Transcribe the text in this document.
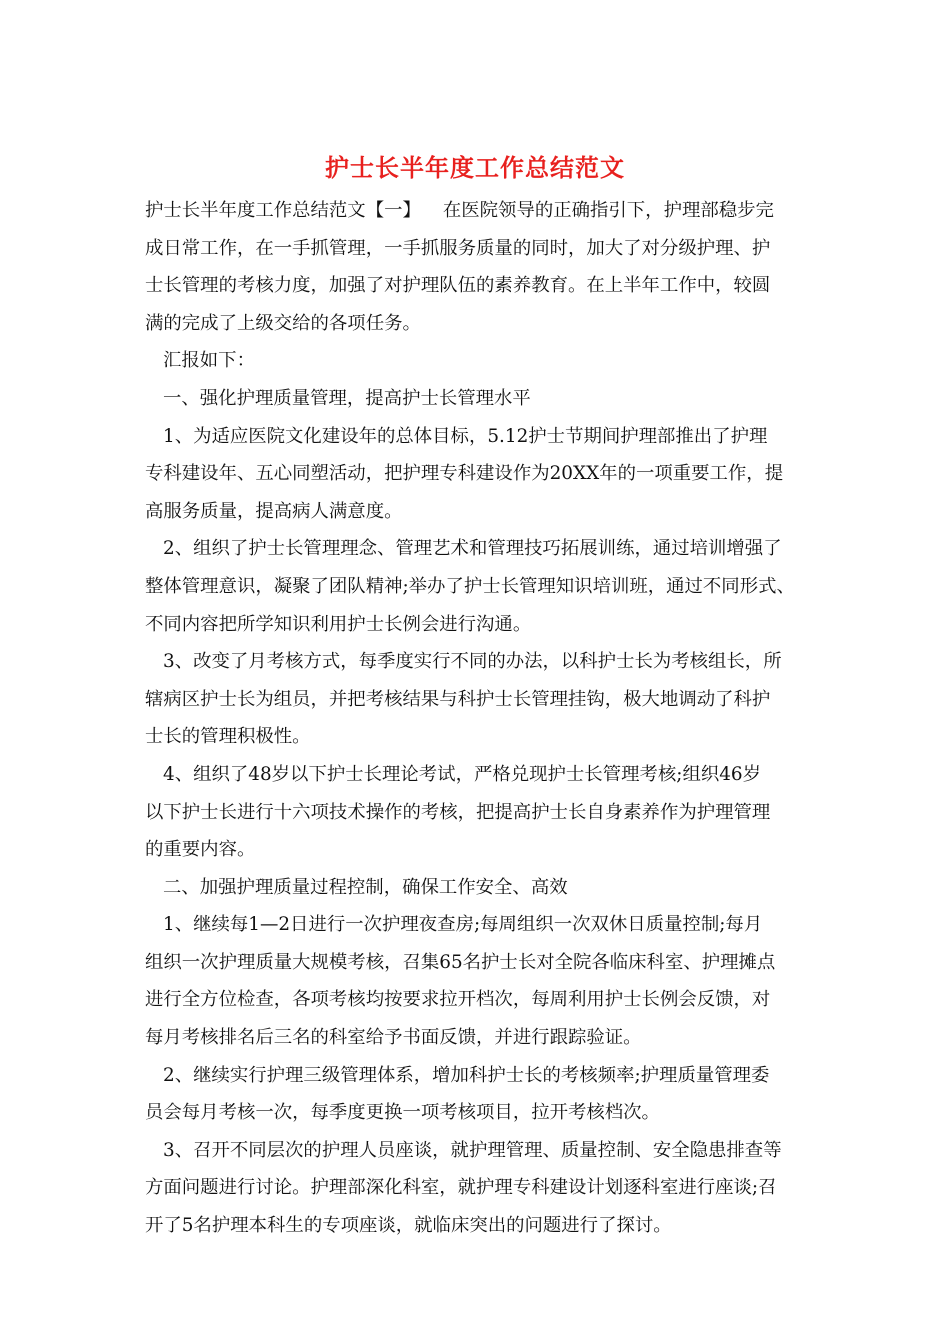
护士长半年度工作总结范文
护士长半年度工作总结范文【一】 在医院领导的正确指引下，护理部稳步完
成日常工作，在一手抓管理，一手抓服务质量的同时，加大了对分级护理、护
士长管理的考核力度，加强了对护理队伍的素养教育。在上半年工作中，较圆
满的完成了上级交给的各项任务。
汇报如下：
一、强化护理质量管理，提高护士长管理水平
1、为适应医院文化建设年的总体目标，5.12护士节期间护理部推出了护理
专科建设年、五心同塑活动，把护理专科建设作为20XX年的一项重要工作，提
高服务质量，提高病人满意度。
2、组织了护士长管理理念、管理艺术和管理技巧拓展训练，通过培训增强了
整体管理意识，凝聚了团队精神;举办了护士长管理知识培训班，通过不同形式、
不同内容把所学知识利用护士长例会进行沟通。
3、改变了月考核方式，每季度实行不同的办法，以科护士长为考核组长，所
辖病区护士长为组员，并把考核结果与科护士长管理挂钩，极大地调动了科护
士长的管理积极性。
4、组织了48岁以下护士长理论考试，严格兑现护士长管理考核;组织46岁
以下护士长进行十六项技术操作的考核，把提高护士长自身素养作为护理管理
的重要内容。
二、加强护理质量过程控制，确保工作安全、高效
1、继续每1—2日进行一次护理夜查房;每周组织一次双休日质量控制;每月
组织一次护理质量大规模考核，召集65名护士长对全院各临床科室、护理摊点
进行全方位检查，各项考核均按要求拉开档次，每周利用护士长例会反馈，对
每月考核排名后三名的科室给予书面反馈，并进行跟踪验证。
2、继续实行护理三级管理体系，增加科护士长的考核频率;护理质量管理委
员会每月考核一次，每季度更换一项考核项目，拉开考核档次。
3、召开不同层次的护理人员座谈，就护理管理、质量控制、安全隐患排查等
方面问题进行讨论。护理部深化科室，就护理专科建设计划逐科室进行座谈;召
开了5名护理本科生的专项座谈，就临床突出的问题进行了探讨。
